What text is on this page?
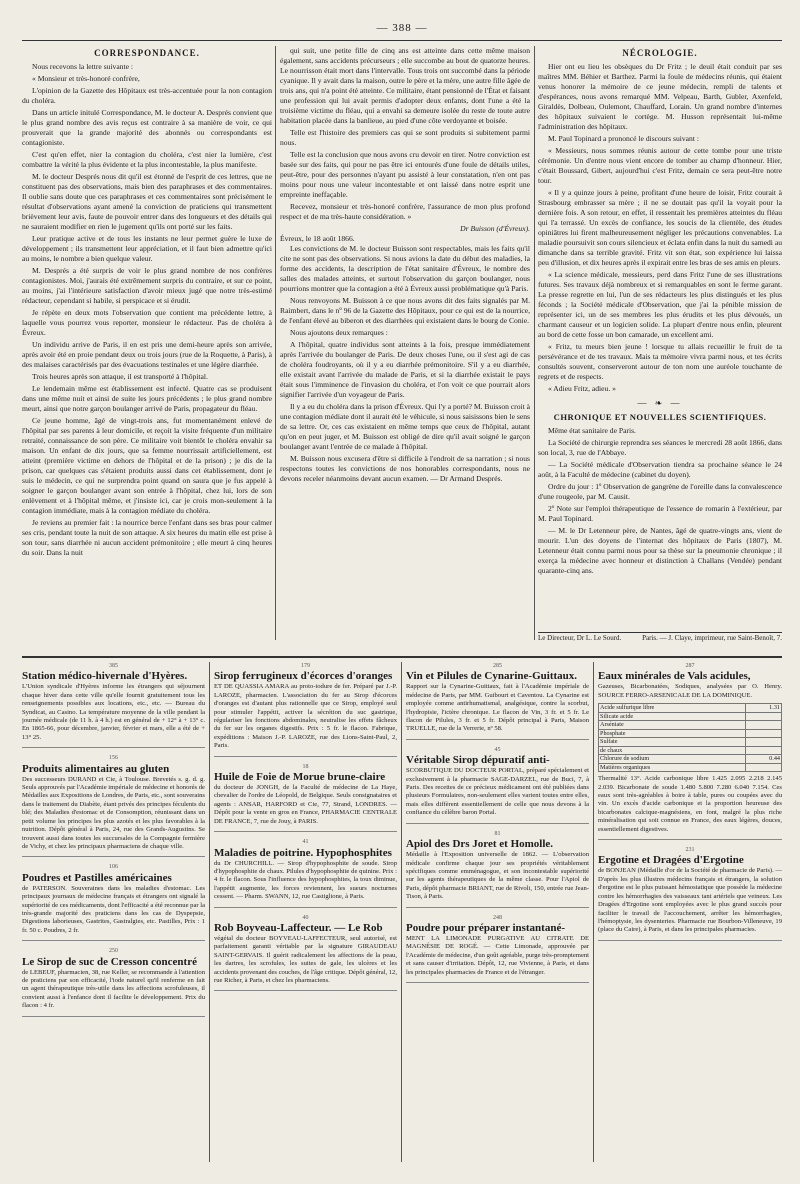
— 388 —
CORRESPONDANCE.

Nous recevons la lettre suivante :

« Monsieur et très-honoré confrère,

L'opinion de la Gazette des Hôpitaux est très-accentuée pour la non contagion du choléra.

Dans un article initulé Correspondance, M. le docteur A. Després convient que le plus grand nombre des avis reçus est contraire à sa manière de voir, ce qui prouverait que la grande majorité des abonnés ou correspondants est contagioniste.

C'est qu'en effet, nier la contagion du choléra, c'est nier la lumière, c'est combattre la vérité la plus évidente et la plus incontestable, la plus manifeste.

M. le docteur Després nous dit qu'il est étonné de l'esprit de ces lettres, que ne constituent pas des observations, mais bien des paraphrases et des commentaires. Il oublie sans doute que ces paraphrases et ces commentaires sont précisément le résultat d'observations ayant amené la conviction de praticiens qui transmettent brièvement leur avis, faute de pouvoir entrer dans des longueurs et des détails qui ne sauraient modifier en rien le jugement qu'ils ont porté sur les faits.

Leur pratique active et de tous les instants ne leur permet guère le luxe de développement ; ils transmettent leur appréciation, et il faut bien admettre qu'ici au moins, le nombre a bien quelque valeur.

M. Després a été surpris de voir le plus grand nombre de nos confrères contagionistes. Moi, j'aurais été extrêmement surpris du contraire, et sur ce point, au moins, j'ai l'intérieure satisfaction d'avoir mieux jugé que notre très-estimé rédacteur, cependant si habile, si perspicace et si érudit.

Je répète en deux mots l'observation que contient ma précédente lettre, à laquelle vous pourrez vous reporter, monsieur le rédacteur. Pas de choléra à Évreux.

Un individu arrive de Paris, il en est pris une demi-heure après son arrivée, après avoir été en proie pendant deux ou trois jours (rue de la Roquette, à Paris), à des malaises caractérisés par des évacuations testinales et une légère diarrhée.

Trois heures après son attaque, il est transporté à l'hôpital.

Le lendemain même est établissement est infecté. Quatre cas se produisent dans une même nuit et ainsi de suite les jours précédents ; le plus grand nombre meurt, ainsi que notre garçon boulanger arrivé de Paris, propagateur du fléau.

Ce jeune homme, âgé de vingt-trois ans, fut momentanément enlevé de l'hôpital par ses parents à leur domicile, et reçoit la visite fréquente d'un militaire retraité, connaissance de son père. Ce militaire voit bientôt le choléra envahir sa maison. Un enfant de dix jours, que sa femme nourrissait artificiellement, est atteint (première victime en dehors de l'hôpital et de la prison) ; je dis de la prison, car quelques cas s'étaient produits aussi dans cet établissement, dont je suis le médecin, ce qui ne surprendra point quand on saura que je fus appelé à soigner le garçon boulanger avant son entrée à l'hôpital, chez lui, lors de son enlèvement et à l'hôpital même, et j'insiste ici, car je crois mon-seulement à la contagion immédiate, mais à la contagion médiate du choléra.

Je reviens au premier fait : la nourrice berce l'enfant dans ses bras pour calmer ses cris, pendant toute la nuit de son attaque. A six heures du matin elle est prise à son tour, sans diarrhée ni aucun accident prémonitoire ; elle meurt à cinq heures du soir. Dans la nuit

qui suit, une petite fille de cinq ans est atteinte dans cette même maison également, sans accidents précurseurs ; elle succombe au bout de quatorze heures. Le nourrisson était mort dans l'intervalle. Tous trois ont succombé dans la période cyanique. Il y avait dans la maison, outre le père et la mère, une autre fille âgée de trois ans, qui n'a point été atteinte. Ce militaire, étant pensionné de l'État et faisant une profession qui lui avait permis d'adopter deux enfants, dont l'une a été la troisième victime du fléau, qui a envahi sa demeure isolée du reste de toute autre habitation placée dans la banlieue, au pied d'une côte verdoyante et boisée.

Telle est l'histoire des premiers cas qui se sont produits si subitement parmi nous.

Telle est la conclusion que nous avons cru devoir en tirer. Notre conviction est basée sur des faits, qui pour ne pas être ici entourés d'une foule de détails utiles, peut-être, pour des personnes n'ayant pu assisté à leur constatation, n'en ont pas moins pour nous une valeur incontestable et ont laissé dans notre esprit une empreinte ineffaçable.

Recevez, monsieur et très-honoré confrère, l'assurance de mon plus profond respect et de ma très-haute considération. »

Dr Buisson (d'Évreux).
Évreux, le 18 août 1866.

Les convictions de M. le docteur Buisson sont respectables, mais les faits qu'il cite ne sont pas des observations. Si nous avions la date du début des maladies, la forme des accidents, la description de l'état sanitaire d'Évreux, le nombre des salles des malades atteints, et surtout l'observation du garçon boulanger, nous pourrions montrer que la contagion a été à Évreux aussi problématique qu'à Paris.

Nous renvoyons M. Buisson à ce que nous avons dit des faits signalés par M. Raimbert, dans le nº 96 de la Gazette des Hôpitaux, pour ce qui est de la nourrice, de l'enfant élevé au biberon et des diarrhées qui existaient dans le bourg de Conie.

Nous ajoutons deux remarques :

A l'hôpital, quatre individus sont atteints à la fois, presque immédiatement après l'arrivée du boulanger de Paris. De deux choses l'une, ou il s'est agi de cas de choléra foudroyants, où il y a eu diarrhée prémonitoire. S'il y a eu diarrhée, elle existait avant l'arrivée du malade de Paris, et si la diarrhée existait le pays était sous l'imminence de l'invasion du choléra, et l'on voit ce que pourrait alors signifier l'arrivée d'un voyageur de Paris.

Il y a eu du choléra dans la prison d'Évreux. Qui l'y a porté? M. Buisson croit à une contagion médiate dont il aurait été le véhicule, si nous saisissons bien le sens de sa lettre. Or, ces cas existaient en même temps que ceux de l'hôpital, autant qu'on en peut juger, et M. Buisson est obligé de dire qu'il avait soigné le garçon boulanger avant l'entrée de ce malade à l'hôpital.

M. Buisson nous excusera d'être si difficile à l'endroit de sa narration ; si nous respectons toutes les convictions de nos honorables correspondants, nous ne devons receler néanmoins devant aucun examen. — Dr Armand Després.

NÉCROLOGIE.

Hier ont eu lieu les obsèques du Dr Fritz ; le deuil était conduit par ses maîtres MM. Béhier et Barthez. Parmi la foule de médecins réunis, qui étaient venus honorer la mémoire de ce jeune médecin, rempli de talents et d'espérances, nous avons remarqué MM. Velpeau, Barth, Gubler, Axenfeld, Giraldès, Dolbeau, Oulemont, Chauffard, Lorain. Un grand nombre d'internes des hôpitaux suivaient le cortège. M. Husson représentait lui-même l'administration des hôpitaux.

M. Paul Topinard a prononcé le discours suivant :

« Messieurs, nous sommes réunis autour de cette tombe pour une triste cérémonie. Un d'entre nous vient encore de tomber au champ d'honneur. Hier, c'était Boussard, Gibert, aujourd'hui c'est Fritz, demain ce sera peut-être notre tour.

« Il y a quinze jours à peine, profitant d'une heure de loisir, Fritz courait à Strasbourg embrasser sa mère ; il ne se doutait pas qu'il la voyait pour la dernière fois. A son retour, en effet, il ressentait les premières atteintes du fléau qui l'a terrassé. Un excès de confiance, les soucis de la clientèle, des études opiniâtres lui firent malheureusement négliger les précautions convenables. La maladie poursuivit son cours silencieux et éclata enfin dans la nuit du samedi au dimanche dans sa terrible gravité. Fritz vit son état, son expérience lui laissa peu d'illusion, et dix heures après il expirait entre les bras de ses amis en pleurs.

« La science médicale, messieurs, perd dans Fritz l'une de ses illustrations futures. Ses travaux déjà nombreux et si remarquables en sont le ferme garant. La presse regrette en lui, l'un de ses rédacteurs les plus distingués et les plus féconds ; la Société médicale d'Observation, que j'ai la pénible mission de représenter ici, un de ses membres les plus érudits et les plus dévoués, un charmant causeur et un logicien solide. La plupart d'entre nous enfin, pleurent au bord de cette fosse un bon camarade, un excellent ami.

« Fritz, tu meurs bien jeune ! lorsque tu allais recueillir le fruit de ta persévérance et de tes travaux. Mais ta mémoire vivra parmi nous, et tes écrits consultés souvent, conserveront autour de ton nom une auréole touchante de regrets et de respects.

« Adieu Fritz, adieu. »

— ❧ —
CHRONIQUE ET NOUVELLES SCIENTIFIQUES.

Même état sanitaire de Paris.

La Société de chirurgie reprendra ses séances le mercredi 28 août 1866, dans son local, 3, rue de l'Abbaye.

— La Société médicale d'Observation tiendra sa prochaine séance le 24 août, à la Faculté de médecine (cabinet du doyen).

Ordre du jour : 1º Observation de gangrène de l'oreille dans la convalescence d'une rougeole, par M. Causit.

2º Note sur l'emploi thérapeutique de l'essence de romarin à l'extérieur, par M. Paul Topinard.

— M. le Dr Letenneur père, de Nantes, âgé de quatre-vingts ans, vient de mourir. L'un des doyens de l'internat des hôpitaux de Paris (1807), M. Letenneur était connu parmi nous pour sa thèse sur la pneumonie chronique ; il exerça la médecine avec honneur et distinction à Challans (Vendée) pendant quarante-cinq ans.

Le Directeur, Dr L. Le Sourd.	Paris. — J. Claye, imprimeur, rue Saint-Benoît, 7.
385
Station médico-hivernale d'Hyères.

L'Union syndicale d'Hyères informe les étrangers qui séjournent chaque hiver dans cette ville qu'elle fournit gratuitement tous les renseignements possibles aux locations, etc., etc. — Bureau du Syndicat, au Casino. La température moyenne de la ville pendant la journée médicale (de 11 h. à 4 h.) est en général de + 12° à + 13° c. En 1865-66, pour décembre, janvier, février et mars, elle a été de + 13° 25.

156
Produits alimentaires au gluten

Des successeurs DURAND et Cie, à Toulouse. Brevetés s. g. d. g. Seuls approuvés par l'Académie impériale de médecine et honorés de Médailles aux Expositions de Londres, de Paris, etc., sont souverains dans le traitement du Diabète, étant privés des principes féculents du blé; des Maladies d'estomac et de Consomption, réunissant dans un petit volume les principes les plus azotés et les plus favorables à la nutrition. Dépôt général à Paris, 24, rue des Grands-Augustins. Se trouvent aussi dans toutes les succursales de la Compagnie fermière de Vichy, et chez les principaux pharmaciens de chaque ville.

106
Poudres et Pastilles américaines

de PATERSON. Souveraines dans les maladies d'estomac. Les principaux journaux de médecine français et étrangers ont signalé la supériorité de ces médicaments, dont l'efficacité a été reconnue par la très-grande majorité des praticiens dans les cas de Dyspepsie, Digestions laborieuses, Gastrites, Gastralgies, etc. Pastilles, Prix : 1 fr. 50 c. Poudres, 2 fr.

250
Le Sirop de suc de Cresson concentré

de LEBEUF, pharmacien, 38, rue Keller, se recommande à l'attention de praticiens par son efficacité, l'iode naturel qu'il renferme en fait un agent thérapeutique très-utile dans les affections scrofuleuses, il convient aussi à l'enfance dont il facilite le développement. Prix du flacon : 4 fr.

179
Sirop ferrugineux d'écorces d'oranges

ET DE QUASSIA AMARA au proto-iodure de fer. Préparé par J.-P. LAROZE, pharmacien. L'association du fer au Sirop d'écorces d'oranges est d'autant plus rationnelle que ce Sirop, employé seul pour stimuler l'appétit, activer la sécrétion du suc gastrique, régulariser les fonctions abdominales, neutralise les effets fâcheux du fer sur les organes digestifs. Prix : 5 fr. le flacon. Fabrique, expéditions : Maison J.-P. LAROZE, rue des Lions-Saint-Paul, 2, Paris.

18
Huile de Foie de Morue brune-claire

du docteur de JONGH, de la Faculté de médecine de La Haye, chevalier de l'ordre de Léopold, de Belgique. Seuls consignataires et agents : ANSAR, HARFORD et Cie, 77, Strand, LONDRES. — Dépôt pour la vente en gros en France, PHARMACIE CENTRALE DE FRANCE, 7, rue de Jouy, à PARIS.

41
Maladies de poitrine. Hypophosphites

du Dr CHURCHILL. — Sirop d'hypophosphite de soude. Sirop d'hypophosphite de chaux. Pilules d'hypophosphite de quinine. Prix : 4 fr. le flacon. Sous l'influence des hypophosphites, la toux diminue, l'appétit augmente, les forces reviennent, les sueurs nocturnes cessent. — Pharm. SWANN, 12, rue Castiglione, à Paris.

40
Rob Boyveau-Laffecteur. — Le Rob

végétal du docteur BOYVEAU-LAFFECTEUR, seul autorisé, est parfaitement garanti véritable par la signature GIRAUDEAU SAINT-GERVAIS. Il guérit radicalement les affections de la peau, les dartres, les scrofules, les suites de gale, les ulcères et les accidents provenant des couches, de l'âge critique. Dépôt général, 12, rue Richer, à Paris, et chez les pharmaciens.

285
Vin et Pilules de Cynarine-Guittaux.

Rapport sur la Cynarine-Guittaux, fait à l'Académie impériale de médecine de Paris, par MM. Guibourt et Caventou. La Cynarine est employée comme antirhumatismal, analgésique, contre la scorbut, l'hydropisie, l'ictère chronique. Le flacon de Vin, 3 fr. et 5 fr. Le flacon de Pilules, 3 fr. et 5 fr. Dépôt principal à Paris, Maison TRUELLE, rue de la Verrerie, nº 58.

45
Véritable Sirop dépuratif anti-

SCORBUTIQUE DU DOCTEUR PORTAL, préparé spécialement et exclusivement à la pharmacie SAGE-DARZEL, rue de Buci, 7, à Paris. Des recettes de ce précieux médicament ont été publiées dans plusieurs Formulaires, non-seulement elles varient toutes entre elles, mais elles diffèrent essentiellement de celle que nous devons à la confiance du célèbre baron Portal.

81
Apiol des Drs Joret et Homolle.

Médaille à l'Exposition universelle de 1862. — L'observation médicale confirme chaque jour ses propriétés véritablement spécifiques comme emménagogue, et son incontestable supériorité sur les agents thérapeutiques de la même classe. Pour l'Apiol de Paris, dépôt pharmacie BRIANT, rue de Rivoli, 150, entrée rue Jean-Tison, à Paris.

248
Poudre pour préparer instantané-

MENT LA LIMONADE PURGATIVE AU CITRATE DE MAGNÉSIE DE ROGÉ. — Cette Limonade, approuvée par l'Académie de médecine, d'un goût agréable, purge très-promptement et sans causer d'irritation. Dépôt, 12, rue Vivienne, à Paris, et dans les principales pharmacies de France et de l'étranger.

287
Eaux minérales de Vals acidules,

Gazeuses, Bicarbonatées, Sodiques, analysées par O. Henry. SOURCE FERRO-ARSENICALE DE LA DOMINIQUE.

Acide sulfurique libre	1.31
Silicate acide	
Arséniate	
Phosphate	
Sulfate	
de chaux	
Chlorure de sodium	0.44
Matières organiques	

Thermalité 13°. Acide carbonique libre 1.425 2.095 2.218 2.145 2.039. Bicarbonate de soude 1.480 5.800 7.280 6.040 7.154. Ces eaux sont très-agréables à boire à table, pures ou coupées avec du vin. Un excès d'acide carbonique et la proportion heureuse des bicarbonates calcique-magnésiens, en font, malgré la plus riche minéralisation qui soit connue en France, des eaux légères, douces, essentiellement digestives.

231
Ergotine et Dragées d'Ergotine

de BONJEAN (Médaille d'or de la Société de pharmacie de Paris). — D'après les plus illustres médecins français et étrangers, la solution d'ergotine est le plus puissant hémostatique que possède la médecine contre les hémorrhagies des vaisseaux tant artériels que veineux. Les Dragées d'Ergotine sont employées avec le plus grand succès pour faciliter le travail de l'accouchement, arrêter les hémorrhagies, l'hémoptysie, les dysenteries. Pharmacie rue Bourbon-Villeneuve, 19 (place du Caire), à Paris, et dans les principales pharmacies.
